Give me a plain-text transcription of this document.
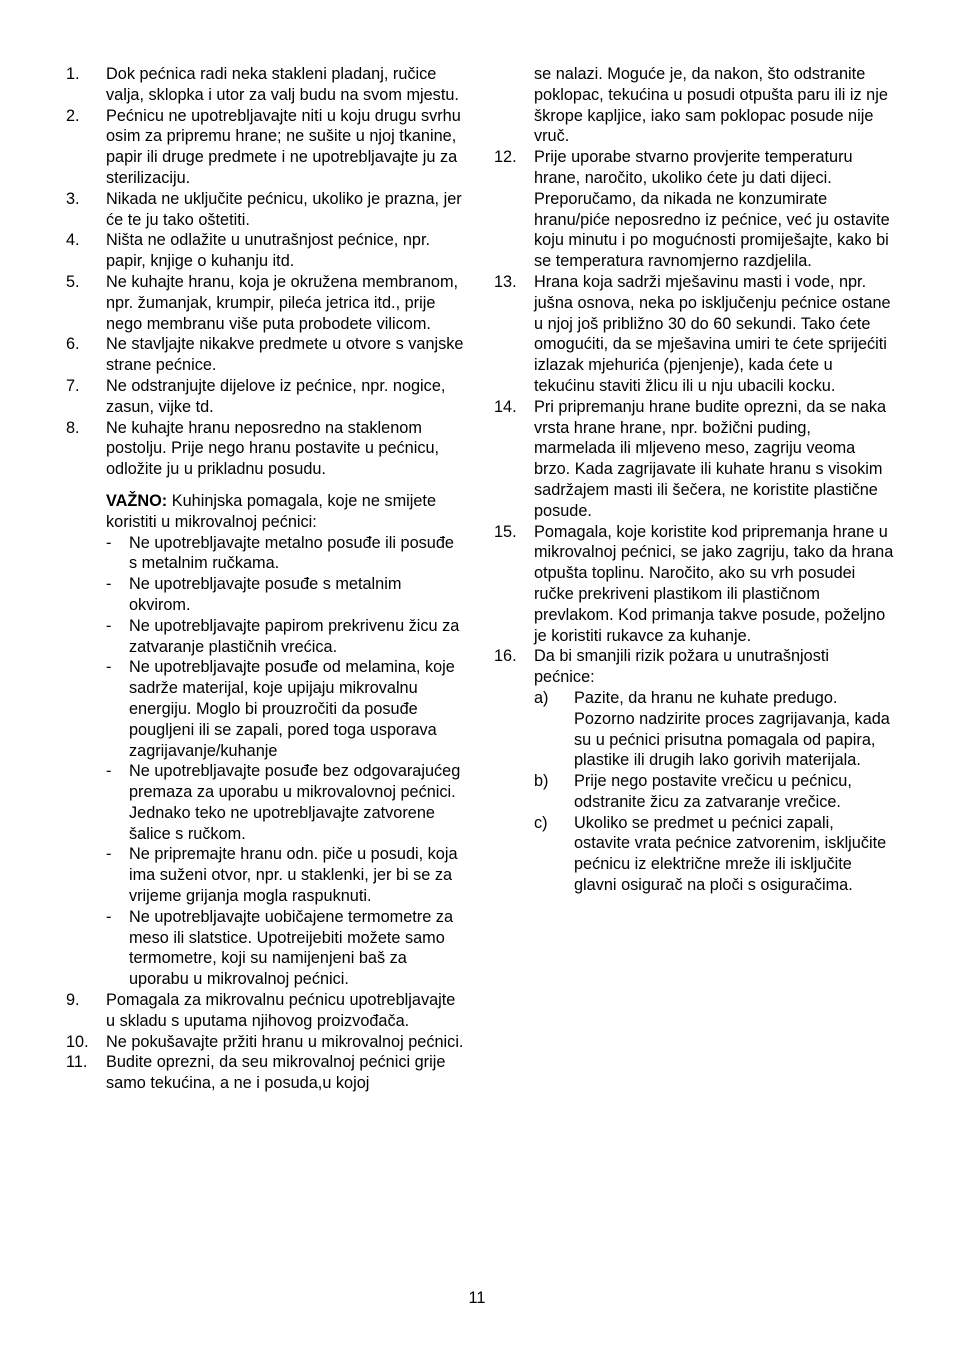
1. Dok pećnica radi neka stakleni pladanj, ručice valja, sklopka i utor za valj budu na svom mjestu.
2. Pećnicu ne upotrebljavajte niti u koju drugu svrhu osim za pripremu hrane; ne sušite u njoj tkanine, papir ili druge predmete i ne upotrebljavajte ju za sterilizaciju.
3. Nikada ne uključite pećnicu, ukoliko je prazna, jer će te ju tako oštetiti.
4. Ništa ne odlažite u unutrašnjost pećnice, npr. papir, knjige o kuhanju itd.
5. Ne kuhajte hranu, koja je okružena membranom, npr. žumanjak, krumpir, pileća jetrica itd., prije nego membranu više puta probodete vilicom.
6. Ne stavljajte nikakve predmete u otvore s vanjske strane pećnice.
7. Ne odstranjujte dijelove iz pećnice, npr. nogice, zasun, vijke td.
8. Ne kuhajte hranu neposredno na staklenom postolju. Prije nego hranu postavite u pećnicu, odložite ju u prikladnu posudu.
VAŽNO: Kuhinjska pomagala, koje ne smijete koristiti u mikrovalnoj pećnici:
- Ne upotrebljavajte metalno posuđe ili posuđe s metalnim ručkama.
- Ne upotrebljavajte posuđe s metalnim okvirom.
- Ne upotrebljavajte papirom prekrivenu žicu za zatvaranje plastičnih vrećica.
- Ne upotrebljavajte posuđe od melamina, koje sadrže materijal, koje upijaju mikrovalnu energiju. Moglo bi prouzročiti da posuđe pougljeni ili se zapali, pored toga usporava zagrijavanje/kuhanje
- Ne upotrebljavajte posuđe bez odgovarajućeg premaza za uporabu u mikrovalovnoj pećnici. Jednako teko ne upotrebljavajte zatvorene šalice s ručkom.
- Ne pripremajte hranu odn. piče u posudi, koja ima suženi otvor, npr. u staklenki, jer bi se za vrijeme grijanja mogla raspuknuti.
- Ne upotrebljavajte uobičajene termometre za meso ili slatstice. Upotreijebiti možete samo termometre, koji su namijenjeni baš za uporabu u mikrovalnoj pećnici.
9. Pomagala za mikrovalnu pećnicu upotrebljavajte u skladu s uputama njihovog proizvođača.
10. Ne pokušavajte pržiti hranu u mikrovalnoj pećnici.
11. Budite oprezni, da seu mikrovalnoj pećnici grije samo tekućina, a ne i posuda,u kojoj
se nalazi. Moguće je, da nakon, što odstranite poklopac, tekućina u posudi otpušta paru ili iz nje škrope kapljice, iako sam poklopac posude nije vruč.
12. Prije uporabe stvarno provjerite temperaturu hrane, naročito, ukoliko ćete ju dati dijeci. Preporučamo, da nikada ne konzumirate hranu/piće neposredno iz pećnice, već ju ostavite koju minutu i po mogućnosti promiješajte, kako bi se temperatura ravnomjerno razdjelila.
13. Hrana koja sadrži mješavinu masti i vode, npr. jušna osnova, neka po isključenju pećnice ostane u njoj još približno 30 do 60 sekundi. Tako ćete omogućiti, da se mješavina umiri te ćete sprijećiti izlazak mjehurića (pjenjenje), kada ćete u tekućinu staviti žlicu ili u nju ubacili kocku.
14. Pri pripremanju hrane budite oprezni, da se naka vrsta hrane hrane, npr. božični puding, marmelada ili mljeveno meso, zagriju veoma brzo. Kada zagrijavate ili kuhate hranu s visokim sadržajem masti ili šečera, ne koristite plastične posude.
15. Pomagala, koje koristite kod pripremanja hrane u mikrovalnoj pećnici, se jako zagriju, tako da hrana otpušta toplinu. Naročito, ako su vrh posudei ručke prekriveni plastikom ili plastičnom prevlakom. Kod primanja takve posude, poželjno je koristiti rukavce za kuhanje.
16. Da bi smanjili rizik požara u unutrašnjosti pećnice:
a) Pazite, da hranu ne kuhate predugo. Pozorno nadzirite proces zagrijavanja, kada su u pećnici prisutna pomagala od papira, plastike ili drugih lako gorivih materijala.
b) Prije nego postavite vrečicu u pećnicu, odstranite žicu za zatvaranje vrečice.
c) Ukoliko se predmet u pećnici zapali, ostavite vrata pećnice zatvorenim, isključite pećnicu iz električne mreže ili isključite glavni osigurač na ploči s osiguračima.
11
